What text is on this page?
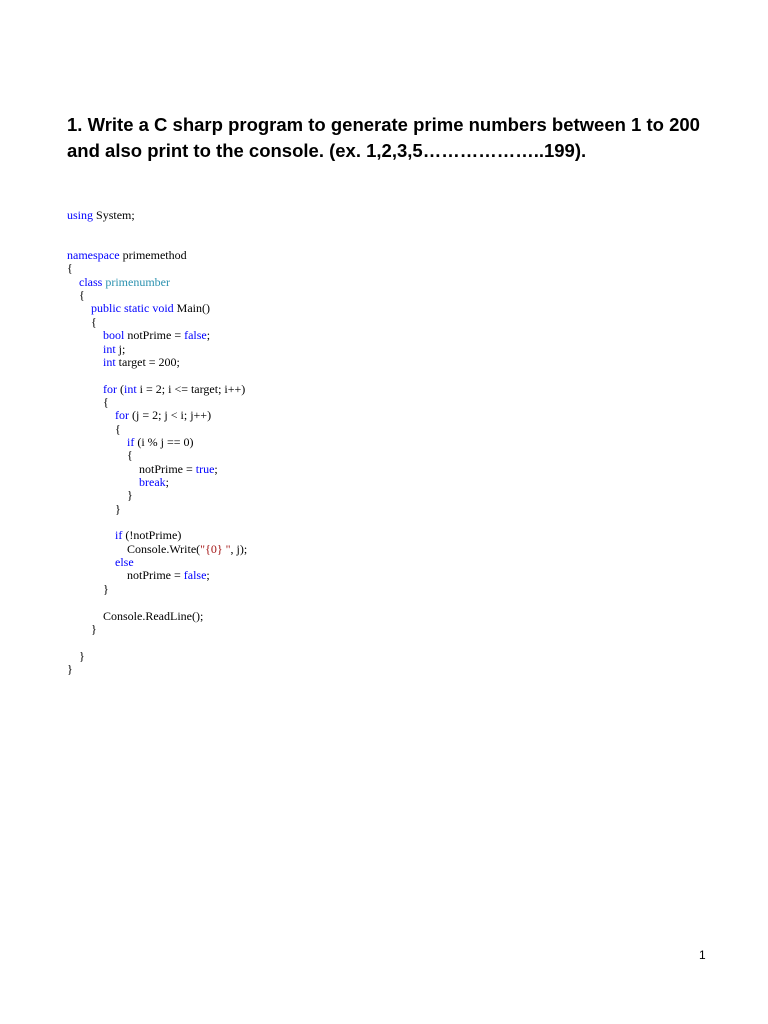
1. Write a C sharp program to generate prime numbers between 1 to 200 and also print to the console. (ex. 1,2,3,5………………..199).

using System;
namespace primemethod
{
class primenumber
{
public static void Main()
{
bool notPrime = false;
int j;
int target = 200;
for (int i = 2; i <= target; i++)
{
for (j = 2; j < i; j++)
{
if (i % j == 0)
{
notPrime = true;
break;
}
}
if (!notPrime)
Console.Write("{0} ", j);
else
notPrime = false;
}
Console.ReadLine();
}
}
}
1
